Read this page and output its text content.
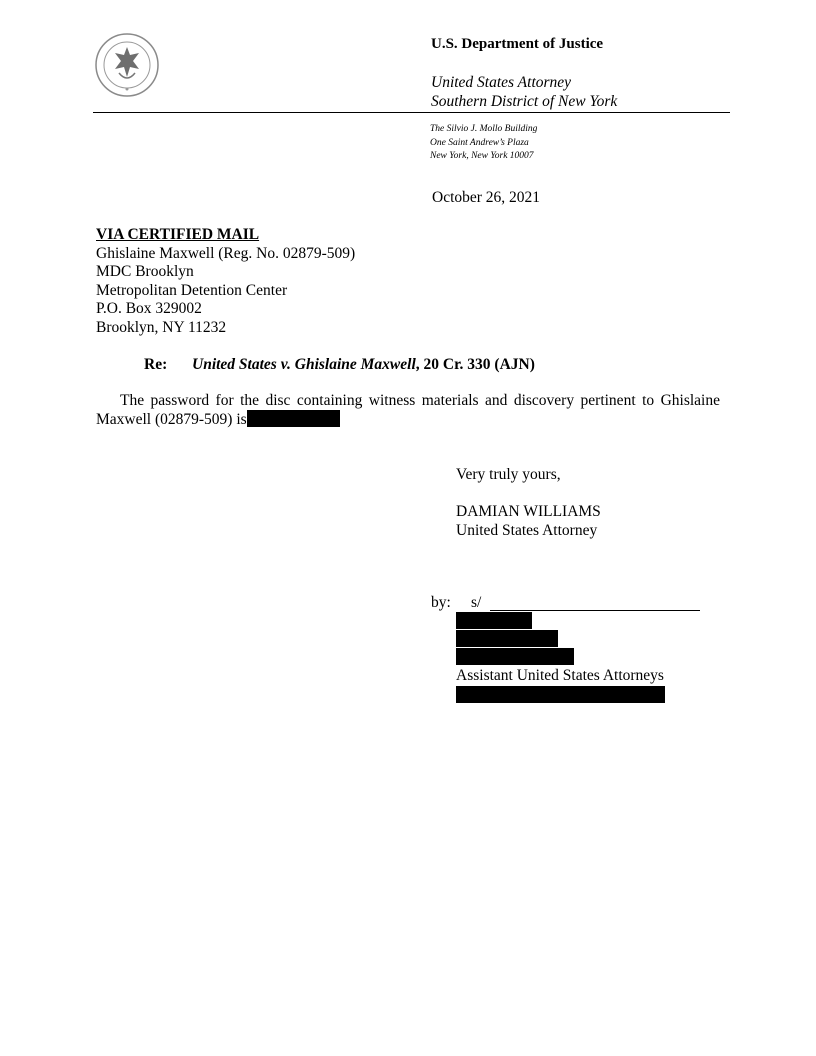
U.S. Department of Justice
United States Attorney
Southern District of New York
The Silvio J. Mollo Building
One Saint Andrew’s Plaza
New York, New York 10007
October 26, 2021
VIA CERTIFIED MAIL
Ghislaine Maxwell (Reg. No. 02879-509)
MDC Brooklyn
Metropolitan Detention Center
P.O. Box 329002
Brooklyn, NY 11232
Re: United States v. Ghislaine Maxwell, 20 Cr. 330 (AJN)
The password for the disc containing witness materials and discovery pertinent to Ghislaine
Maxwell (02879-509) is
Very truly yours,
DAMIAN WILLIAMS
United States Attorney
by: s/
Assistant United States Attorneys
